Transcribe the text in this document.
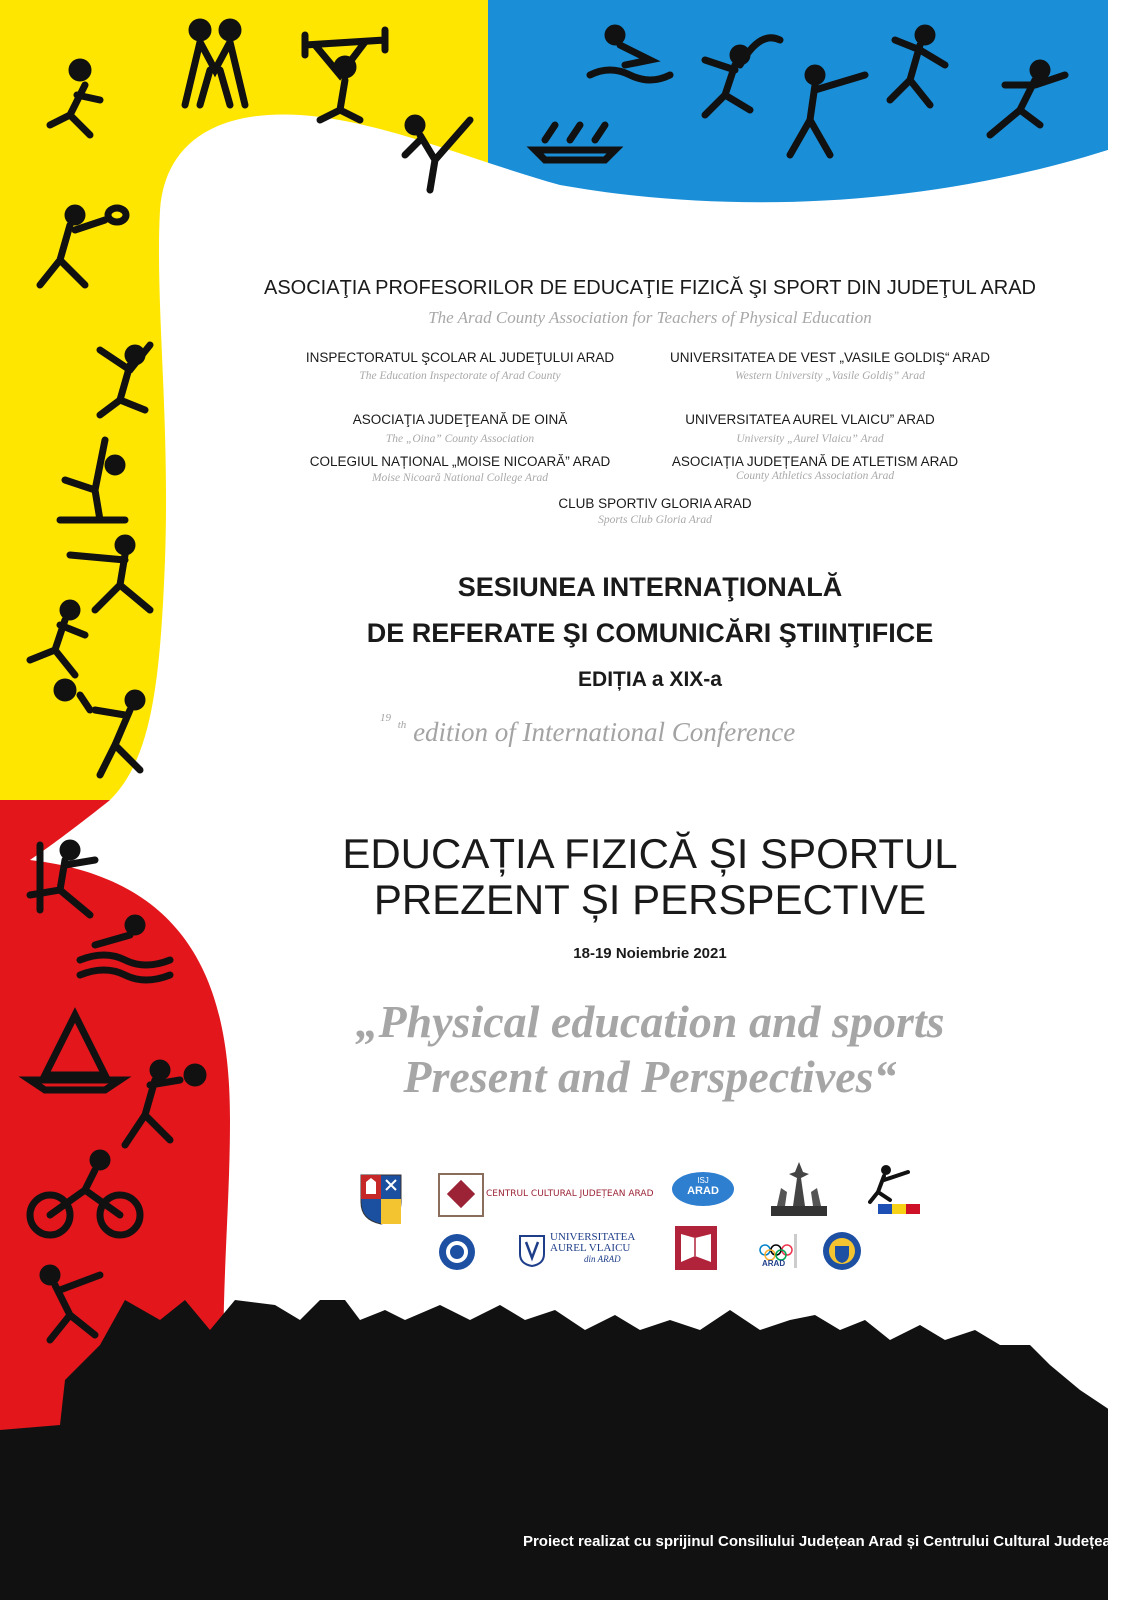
ASOCIAŢIA PROFESORILOR DE EDUCAŢIE FIZICĂ ŞI SPORT DIN JUDEŢUL ARAD

The Arad County Association for Teachers of Physical Education

INSPECTORATUL ŞCOLAR AL JUDEŢULUI ARAD

The Education Inspectorate of Arad County

UNIVERSITATEA DE VEST „VASILE GOLDIŞ“ ARAD

Western University „Vasile Goldiș” Arad

ASOCIAŢIA JUDEŢEANĂ DE OINĂ

The „Oina” County Association

UNIVERSITATEA AUREL VLAICU” ARAD

University „Aurel Vlaicu” Arad

COLEGIUL NAȚIONAL „MOISE NICOARĂ” ARAD

Moise Nicoară National College Arad

ASOCIAȚIA JUDEȚEANĂ DE ATLETISM ARAD

County Athletics Association Arad

CLUB SPORTIV GLORIA ARAD

Sports Club Gloria Arad

SESIUNEA INTERNAŢIONALĂ

DE REFERATE ŞI COMUNICĂRI ŞTIINŢIFICE

EDIȚIA a XIX-a

$^{19}$ $^{th}$ edition of International Conference

EDUCAȚIA FIZICĂ ȘI SPORTUL

PREZENT ȘI PERSPECTIVE

18-19 Noiembrie 2021

„Physical education and sports

Present and Perspectives“

CENTRUL CULTURAL JUDEȚEAN ARAD
ISJ
ARAD
UNIVERSITATEA
AUREL VLAICU
din ARAD	ARAD

Proiect realizat cu sprijinul Consiliului Județean Arad și Centrului Cultural Județean
